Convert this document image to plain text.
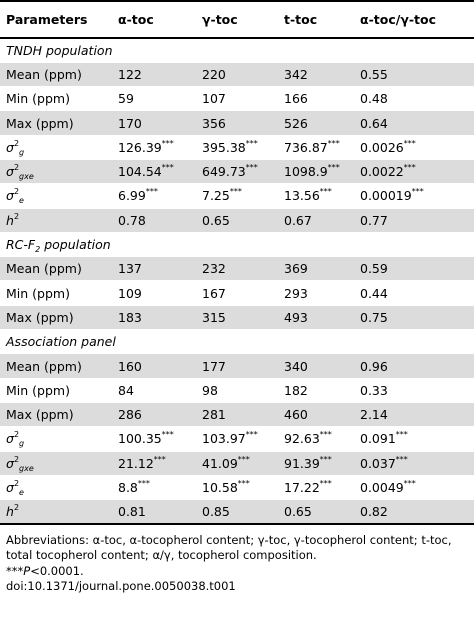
Parameters	α-toc	γ-toc	t-toc	α-toc/γ-toc
TNDH population				
Mean (ppm)	122	220	342	0.55
Min (ppm)	59	107	166	0.48
Max (ppm)	170	356	526	0.64
$\sigma^2_g$	126.39***	395.38***	736.87***	0.0026***
$\sigma^2_{gxe}$	104.54***	649.73***	1098.9***	0.0022***
$\sigma^2_e$	6.99***	7.25***	13.56***	0.00019***
$h^2$	0.78	0.65	0.67	0.77
$RC-F_2$ population				
Mean (ppm)	137	232	369	0.59
Min (ppm)	109	167	293	0.44
Max (ppm)	183	315	493	0.75
Association panel				
Mean (ppm)	160	177	340	0.96
Min (ppm)	84	98	182	0.33
Max (ppm)	286	281	460	2.14
$\sigma^2_g$	100.35***	103.97***	92.63***	0.091***
$\sigma^2_{gxe}$	21.12***	41.09***	91.39***	0.037***
$\sigma^2_e$	8.8***	10.58***	17.22***	0.0049***
$h^2$	0.81	0.85	0.65	0.82
Abbreviations: α-toc, α-tocopherol content; γ-toc, γ-tocopherol content; t-toc, total tocopherol content; α/γ, tocopherol composition.
***P<0.0001.
doi:10.1371/journal.pone.0050038.t001
